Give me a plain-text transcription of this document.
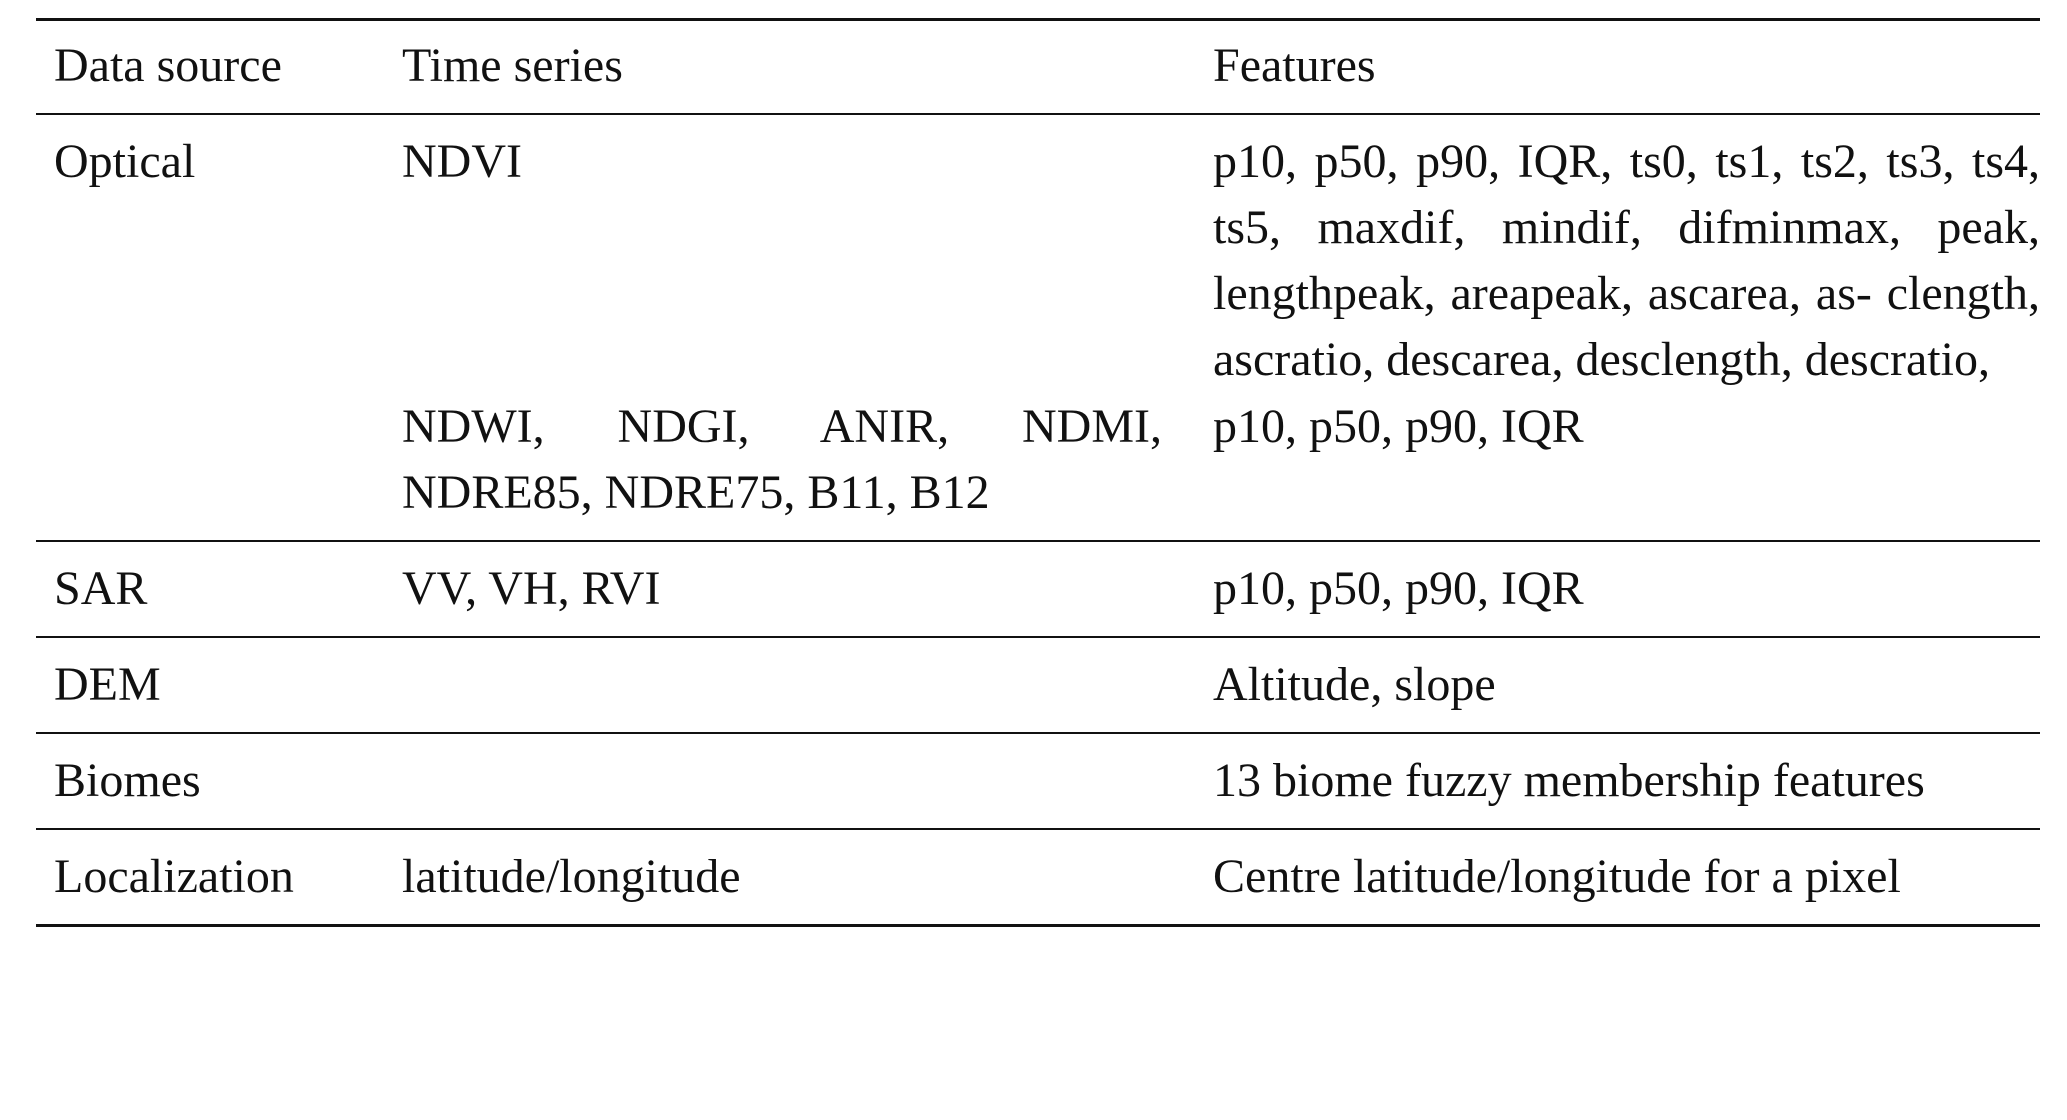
Data source	Time series	Features
Optical	NDVI	p10, p50, p90, IQR, ts0, ts1, ts2, ts3, ts4, ts5, maxdif, mindif, difminmax, peak, lengthpeak, areapeak, ascarea, as- clength, ascratio, descarea, desclength, descratio,
	NDWI, NDGI, ANIR, NDMI, NDRE85, NDRE75, B11, B12	p10, p50, p90, IQR
SAR	VV, VH, RVI	p10, p50, p90, IQR
DEM		Altitude, slope
Biomes		13 biome fuzzy membership features
Localization	latitude/longitude	Centre latitude/longitude for a pixel
